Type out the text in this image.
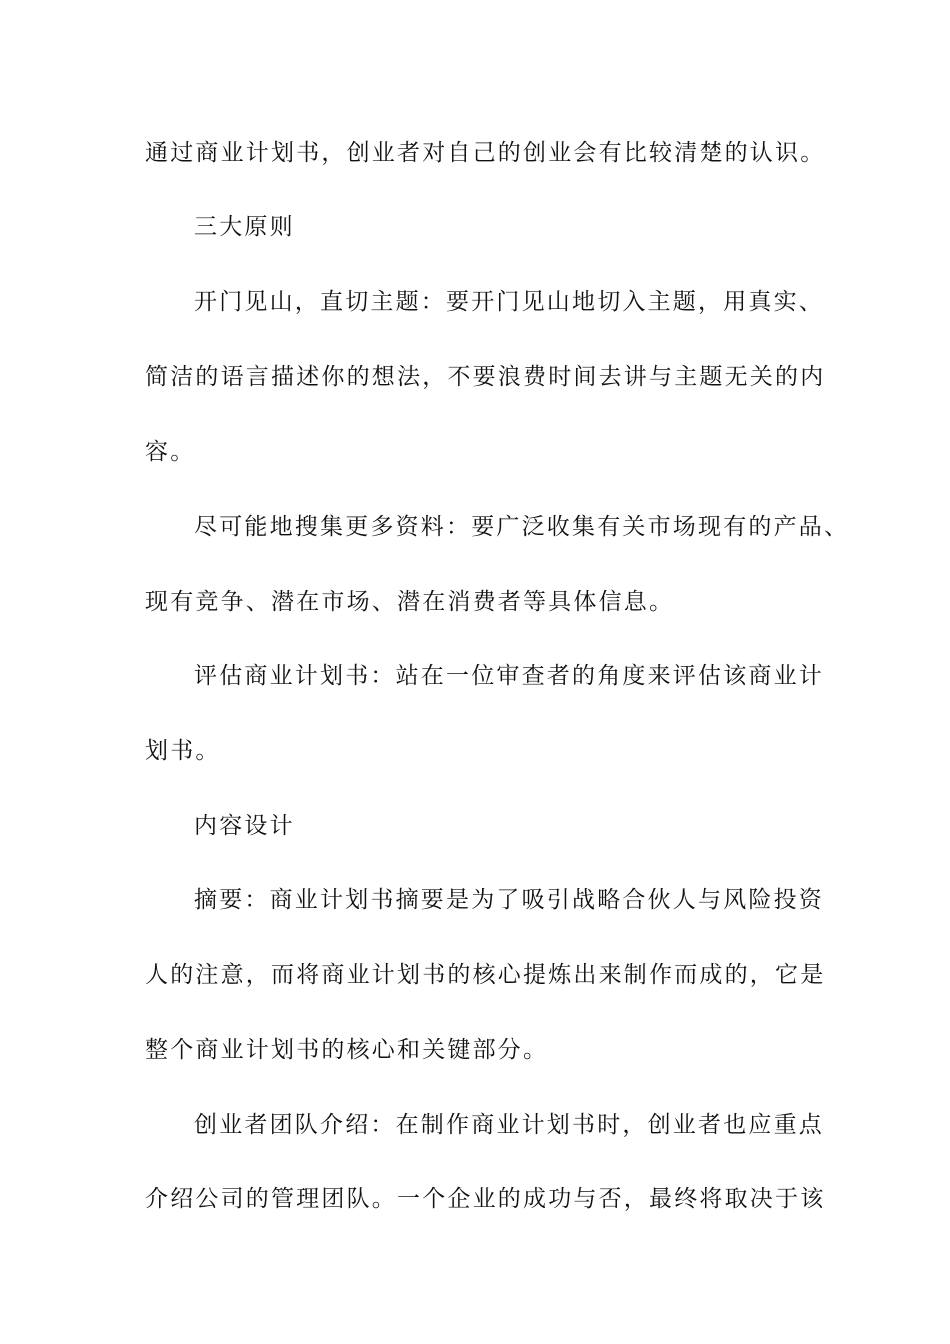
通过商业计划书，创业者对自己的创业会有比较清楚的认识。
三大原则
开门见山，直切主题：要开门见山地切入主题，用真实、
简洁的语言描述你的想法，不要浪费时间去讲与主题无关的内
容。
尽可能地搜集更多资料：要广泛收集有关市场现有的产品、
现有竞争、潜在市场、潜在消费者等具体信息。
评估商业计划书：站在一位审查者的角度来评估该商业计
划书。
内容设计
摘要：商业计划书摘要是为了吸引战略合伙人与风险投资
人的注意，而将商业计划书的核心提炼出来制作而成的，它是
整个商业计划书的核心和关键部分。
创业者团队介绍：在制作商业计划书时，创业者也应重点
介绍公司的管理团队。一个企业的成功与否，最终将取决于该
